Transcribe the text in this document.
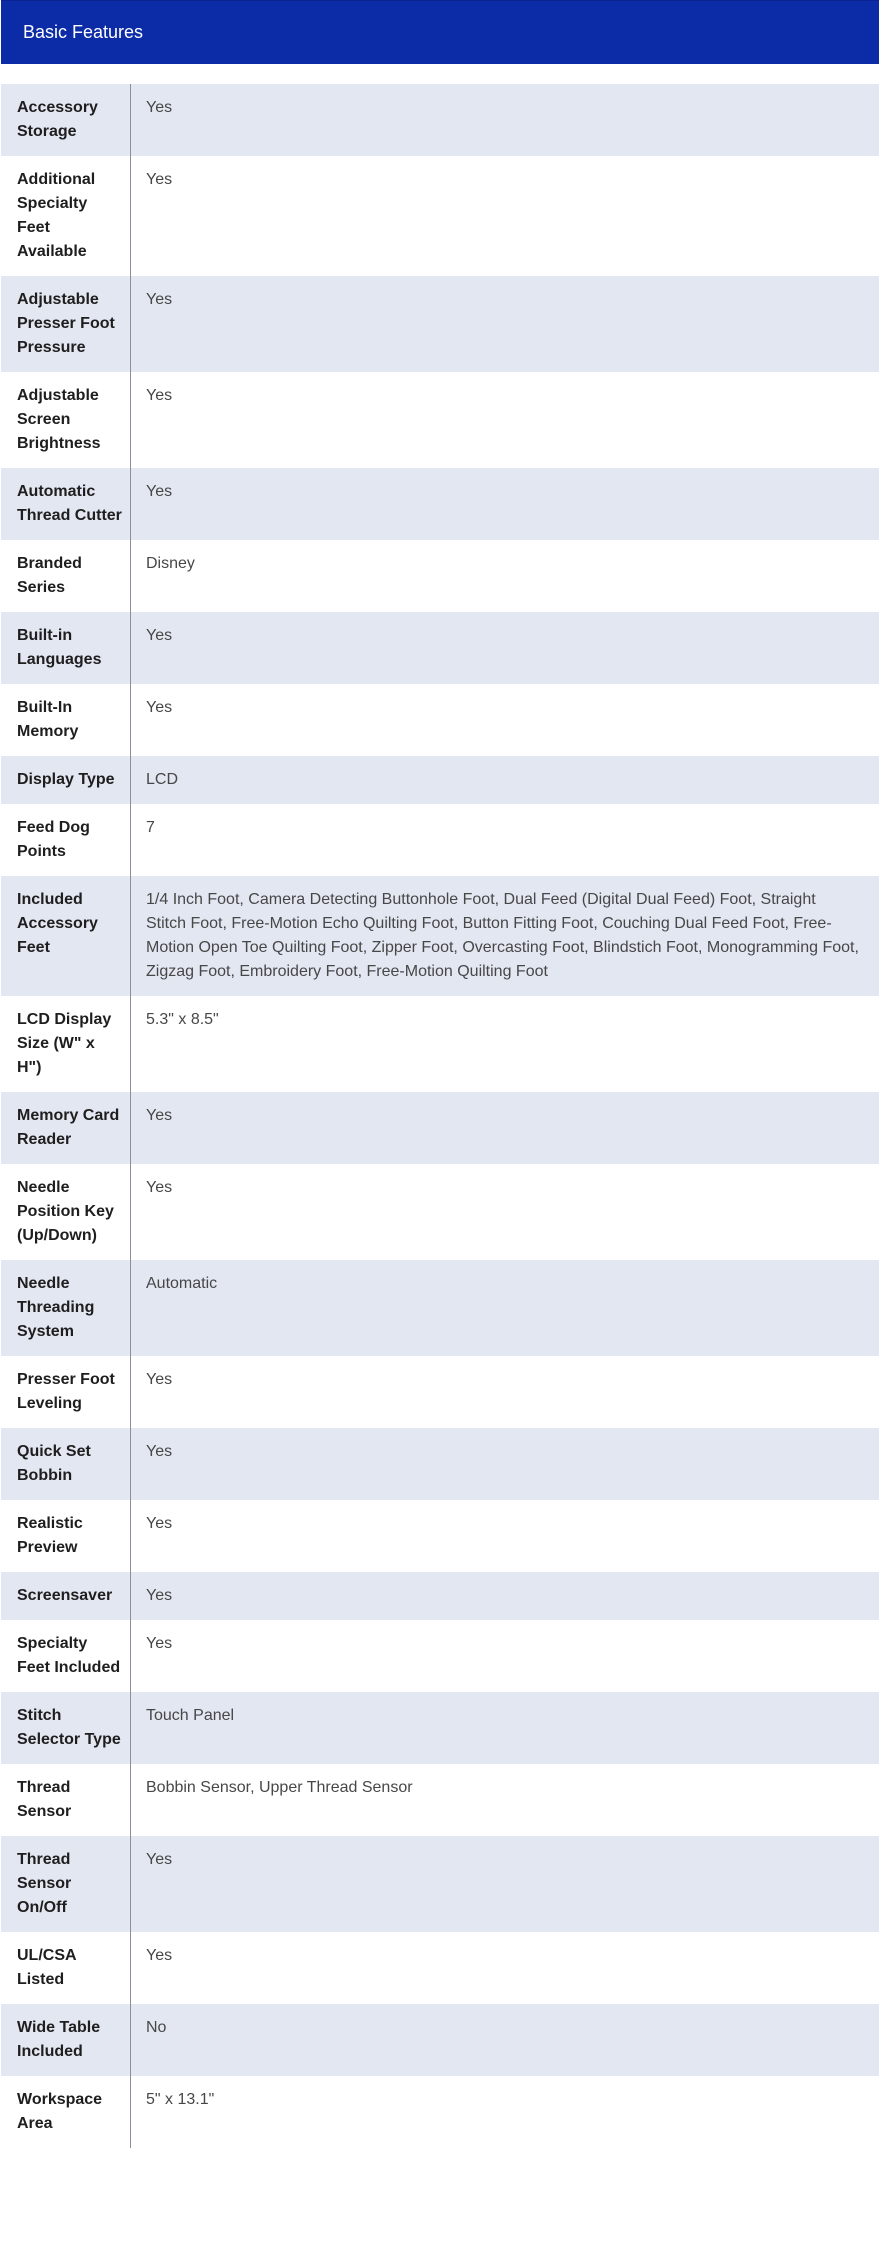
Basic Features
Accessory Storage
Yes
Additional Specialty Feet Available
Yes
Adjustable Presser Foot Pressure
Yes
Adjustable Screen Brightness
Yes
Automatic Thread Cutter
Yes
Branded Series
Disney
Built-in Languages
Yes
Built-In Memory
Yes
Display Type	LCD
Feed Dog Points
7
Included Accessory Feet
1/4 Inch Foot, Camera Detecting Buttonhole Foot, Dual Feed (Digital Dual Feed) Foot, Straight Stitch Foot, Free-Motion Echo Quilting Foot, Button Fitting Foot, Couching Dual Feed Foot, Free-Motion Open Toe Quilting Foot, Zipper Foot, Overcasting Foot, Blindstich Foot, Monogramming Foot, Zigzag Foot, Embroidery Foot, Free-Motion Quilting Foot
LCD Display Size (W" x H")
5.3" x 8.5"
Memory Card Reader
Yes
Needle Position Key (Up/Down)
Yes
Needle Threading System
Automatic
Presser Foot Leveling
Yes
Quick Set Bobbin
Yes
Realistic Preview
Yes
Screensaver	Yes
Specialty Feet Included
Yes
Stitch Selector Type
Touch Panel
Thread Sensor
Bobbin Sensor, Upper Thread Sensor
Thread Sensor On/Off
Yes
UL/CSA Listed
Yes
Wide Table Included
No
Workspace Area
5" x 13.1"
